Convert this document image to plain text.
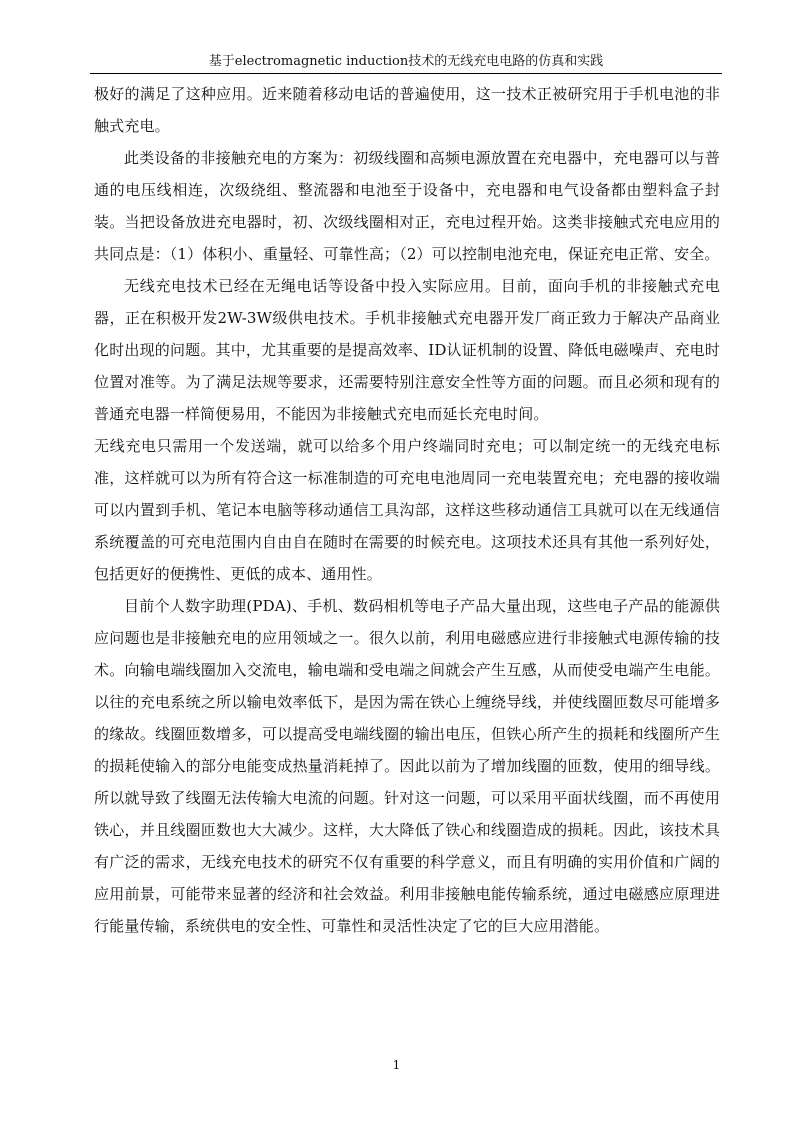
基于electromagnetic induction技术的无线充电电路的仿真和实践

极好的满足了这种应用。近来随着移动电话的普遍使用，这一技术正被研究用于手机电池的非触式充电。

此类设备的非接触充电的方案为：初级线圈和高频电源放置在充电器中，充电器可以与普通的电压线相连，次级绕组、整流器和电池至于设备中，充电器和电气设备都由塑料盒子封装。当把设备放进充电器时，初、次级线圈相对正，充电过程开始。这类非接触式充电应用的共同点是：（1）体积小、重量轻、可靠性高；（2）可以控制电池充电，保证充电正常、安全。

无线充电技术已经在无绳电话等设备中投入实际应用。目前，面向手机的非接触式充电器，正在积极开发2W-3W级供电技术。手机非接触式充电器开发厂商正致力于解决产品商业化时出现的问题。其中，尤其重要的是提高效率、ID认证机制的设置、降低电磁噪声、充电时位置对准等。为了满足法规等要求，还需要特别注意安全性等方面的问题。而且必须和现有的普通充电器一样简便易用，不能因为非接触式充电而延长充电时间。

无线充电只需用一个发送端，就可以给多个用户终端同时充电；可以制定统一的无线充电标准，这样就可以为所有符合这一标准制造的可充电电池周同一充电装置充电；充电器的接收端可以内置到手机、笔记本电脑等移动通信工具沟部，这样这些移动通信工具就可以在无线通信系统覆盖的可充电范围内自由自在随时在需要的时候充电。这项技术还具有其他一系列好处，包括更好的便携性、更低的成本、通用性。

目前个人数字助理(PDA)、手机、数码相机等电子产品大量出现，这些电子产品的能源供应问题也是非接触充电的应用领域之一。很久以前，利用电磁感应进行非接触式电源传输的技术。向输电端线圈加入交流电，输电端和受电端之间就会产生互感，从而使受电端产生电能。以往的充电系统之所以输电效率低下，是因为需在铁心上缠绕导线，并使线圈匝数尽可能增多的缘故。线圈匝数增多，可以提高受电端线圈的输出电压，但铁心所产生的损耗和线圈所产生的损耗使输入的部分电能变成热量消耗掉了。因此以前为了增加线圈的匝数，使用的细导线。所以就导致了线圈无法传输大电流的问题。针对这一问题，可以采用平面状线圈，而不再使用铁心，并且线圈匝数也大大减少。这样，大大降低了铁心和线圈造成的损耗。因此，该技术具有广泛的需求，无线充电技术的研究不仅有重要的科学意义，而且有明确的实用价值和广阔的应用前景，可能带来显著的经济和社会效益。利用非接触电能传输系统，通过电磁感应原理进行能量传输，系统供电的安全性、可靠性和灵活性决定了它的巨大应用潜能。

1
